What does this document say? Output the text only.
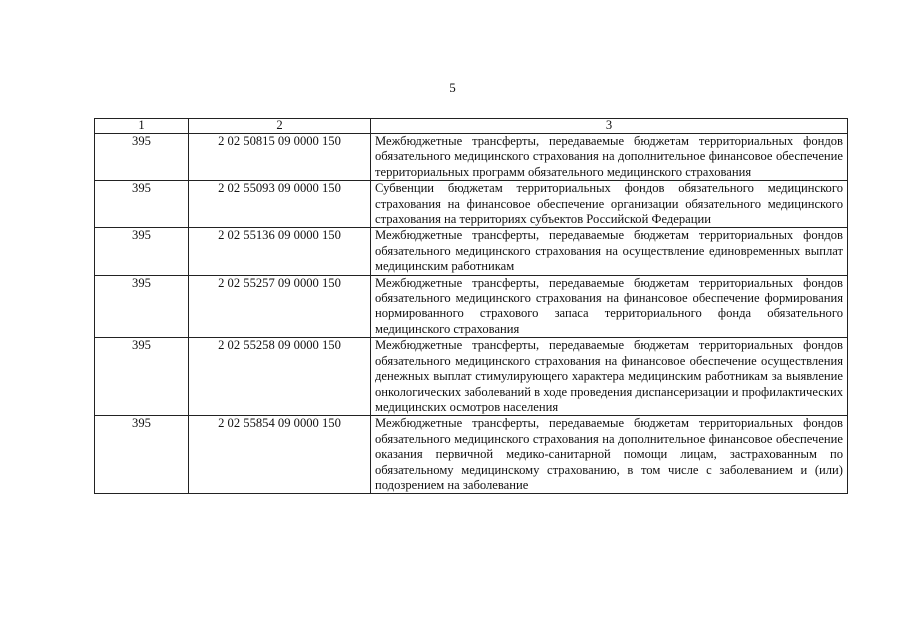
5
1	2	3
395	2 02 50815 09 0000 150	Межбюджетные трансферты, передаваемые бюджетам территориальных фондов обязательного медицинского страхования на дополнительное финансовое обеспечение территориальных программ обязательного медицинского страхования
395	2 02 55093 09 0000 150	Субвенции бюджетам территориальных фондов обязательного медицинского страхования на финансовое обеспечение организации обязательного медицинского страхования на территориях субъектов Российской Федерации
395	2 02 55136 09 0000 150	Межбюджетные трансферты, передаваемые бюджетам территориальных фондов обязательного медицинского страхования на осуществление единовременных выплат медицинским работникам
395	2 02 55257 09 0000 150	Межбюджетные трансферты, передаваемые бюджетам территориальных фондов обязательного медицинского страхования на финансовое обеспечение формирования нормированного страхового запаса территориального фонда обязательного медицинского страхования
395	2 02 55258 09 0000 150	Межбюджетные трансферты, передаваемые бюджетам территориальных фондов обязательного медицинского страхования на финансовое обеспечение осуществления денежных выплат стимулирующего характера медицинским работникам за выявление онкологических заболеваний в ходе проведения диспансеризации и профилактических медицинских осмотров населения
395	2 02 55854 09 0000 150	Межбюджетные трансферты, передаваемые бюджетам территориальных фондов обязательного медицинского страхования на дополнительное финансовое обеспечение оказания первичной медико-санитарной помощи лицам, застрахованным по обязательному медицинскому страхованию, в том числе с заболеванием и (или) подозрением на заболевание
